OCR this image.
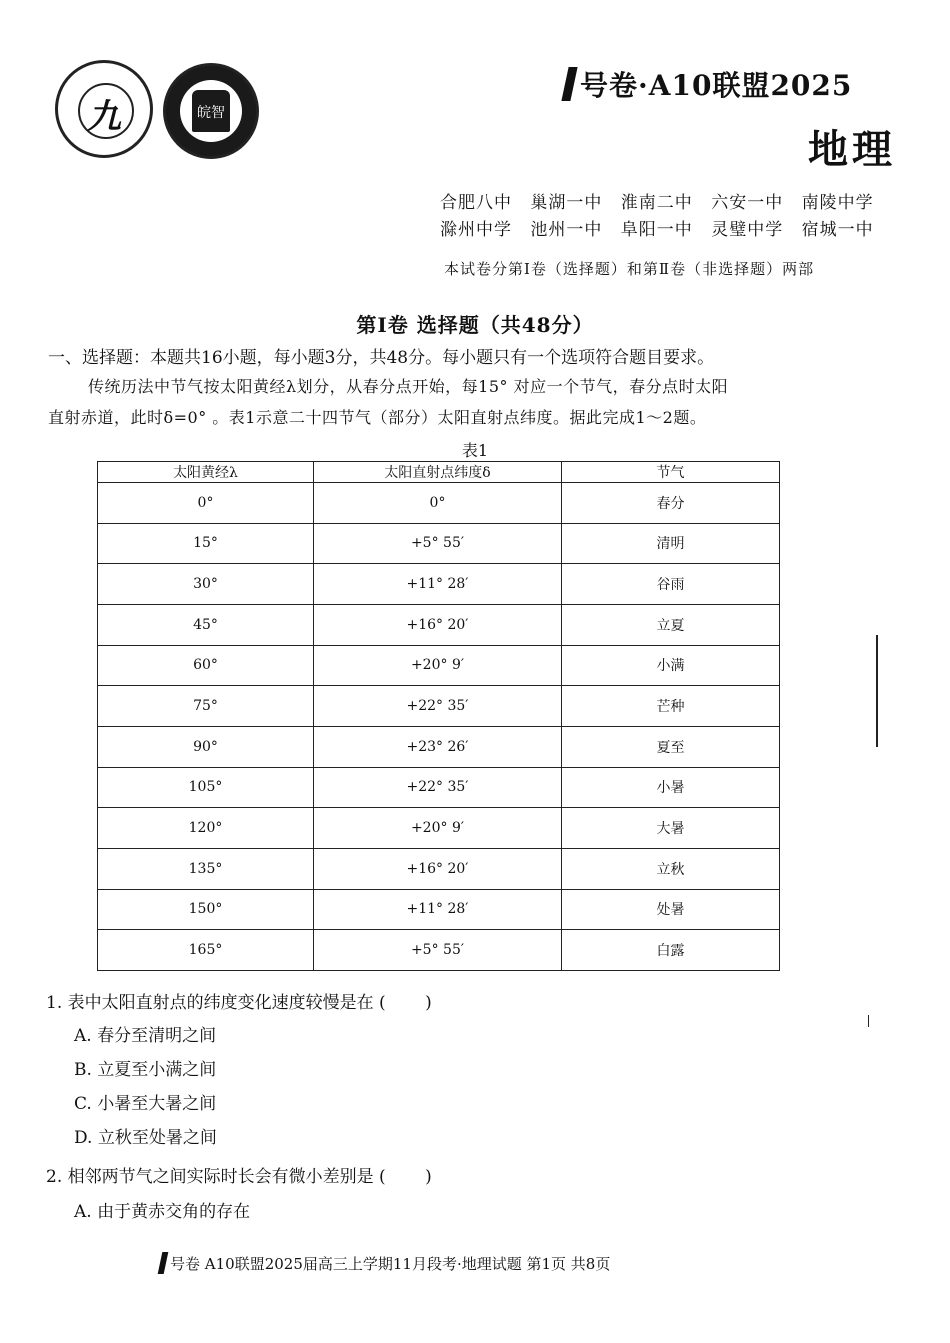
九	皖智
号卷·A10联盟2025
地理
合肥八中 巢湖一中 淮南二中 六安一中 南陵中学
滁州中学 池州一中 阜阳一中 灵璧中学 宿城一中
本试卷分第Ⅰ卷（选择题）和第Ⅱ卷（非选择题）两部
第Ⅰ卷 选择题（共48分）
一、选择题：本题共16小题，每小题3分，共48分。每小题只有一个选项符合题目要求。
传统历法中节气按太阳黄经λ划分，从春分点开始，每15° 对应一个节气，春分点时太阳
直射赤道，此时δ=0° 。表1示意二十四节气（部分）太阳直射点纬度。据此完成1～2题。
表1
太阳黄经λ	太阳直射点纬度δ	节气
0°	0°	春分
15°	+5° 55′	清明
30°	+11° 28′	谷雨
45°	+16° 20′	立夏
60°	+20° 9′	小满
75°	+22° 35′	芒种
90°	+23° 26′	夏至
105°	+22° 35′	小暑
120°	+20° 9′	大暑
135°	+16° 20′	立秋
150°	+11° 28′	处暑
165°	+5° 55′	白露
1. 表中太阳直射点的纬度变化速度较慢是在 (　　 )
A. 春分至清明之间
B. 立夏至小满之间
C. 小暑至大暑之间
D. 立秋至处暑之间
2. 相邻两节气之间实际时长会有微小差别是 (　　 )
A. 由于黄赤交角的存在
号卷 A10联盟2025届高三上学期11月段考·地理试题 第1页 共8页
